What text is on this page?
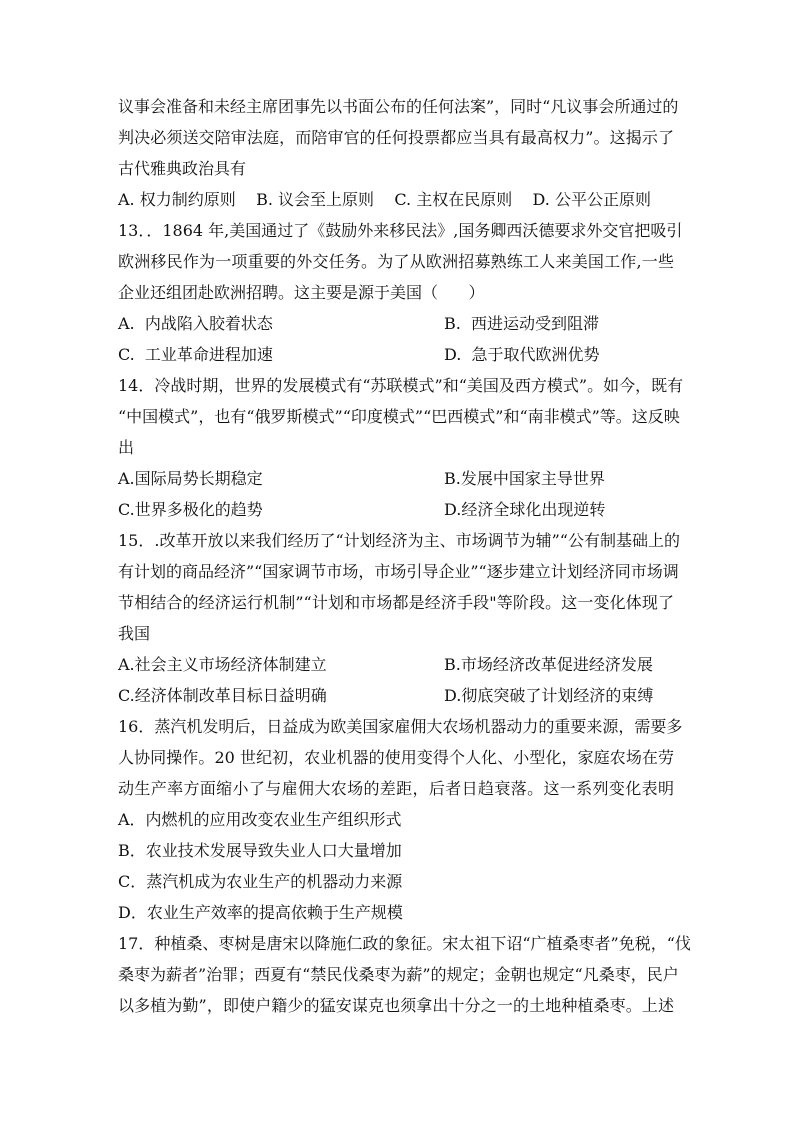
议事会准备和未经主席团事先以书面公布的任何法案”，同时“凡议事会所通过的
判决必须送交陪审法庭，而陪审官的任何投票都应当具有最高权力”。这揭示了
古代雅典政治具有
A. 权力制约原则    B. 议会至上原则    C. 主权在民原则    D. 公平公正原则
13．．1864 年,美国通过了《鼓励外来移民法》,国务卿西沃德要求外交官把吸引
欧洲移民作为一项重要的外交任务。为了从欧洲招募熟练工人来美国工作,一些
企业还组团赴欧洲招聘。这主要是源于美国（      ）
A.  内战陷入胶着状态	B.  西进运动受到阻滞
C.  工业革命进程加速	D.  急于取代欧洲优势
14．冷战时期，世界的发展模式有“苏联模式”和“美国及西方模式”。如今，既有
“中国模式”，也有“俄罗斯模式”“印度模式”“巴西模式”和“南非模式”等。这反映
出
A.国际局势长期稳定	B.发展中国家主导世界
C.世界多极化的趋势	D.经济全球化出现逆转
15．.改革开放以来我们经历了“计划经济为主、市场调节为辅”“公有制基础上的
有计划的商品经济”“国家调节市场，市场引导企业”“逐步建立计划经济同市场调
节相结合的经济运行机制”“计划和市场都是经济手段"等阶段。这一变化体现了
我国
A.社会主义市场经济体制建立	B.市场经济改革促进经济发展
C.经济体制改革目标日益明确	D.彻底突破了计划经济的束缚
16．蒸汽机发明后，日益成为欧美国家雇佣大农场机器动力的重要来源，需要多
人协同操作。20 世纪初，农业机器的使用变得个人化、小型化，家庭农场在劳
动生产率方面缩小了与雇佣大农场的差距，后者日趋衰落。这一系列变化表明
A．内燃机的应用改变农业生产组织形式
B．农业技术发展导致失业人口大量增加
C．蒸汽机成为农业生产的机器动力来源
D．农业生产效率的提高依赖于生产规模
17．种植桑、枣树是唐宋以降施仁政的象征。宋太祖下诏“广植桑枣者”免税，“伐
桑枣为薪者”治罪；西夏有“禁民伐桑枣为薪”的规定；金朝也规定“凡桑枣，民户
以多植为勤”，即使户籍少的猛安谋克也须拿出十分之一的土地种植桑枣。上述
